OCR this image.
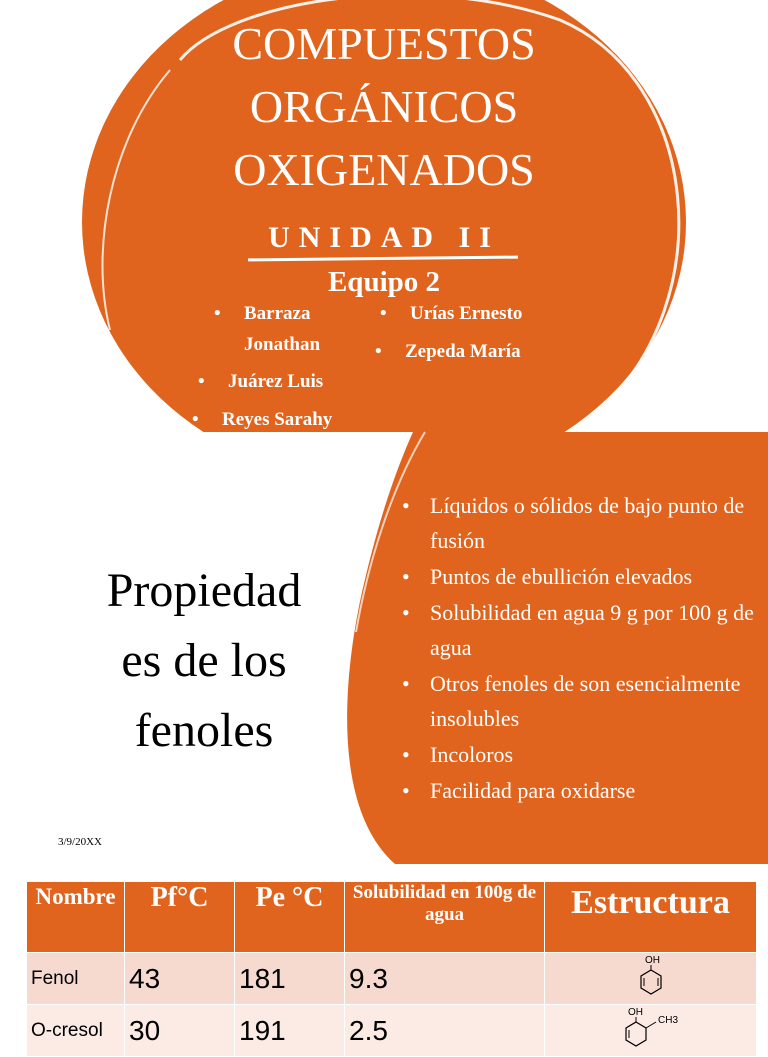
COMPUESTOS
ORGÁNICOS
OXIGENADOS
UNIDAD II
Equipo 2
• Barraza Jonathan
• Juárez Luis
• Reyes Sarahy
• Urías Ernesto
• Zepeda María
Propiedad
es de los
fenoles
3/9/20XX
• Líquidos o sólidos de bajo punto de fusión
• Puntos de ebullición elevados
• Solubilidad en agua 9 g por 100 g de agua
• Otros fenoles de son esencialmente insolubles
• Incoloros
• Facilidad para oxidarse
Nombre	Pf°C	Pe °C	Solubilidad en 100g de agua	Estructura
Fenol	43	181	9.3	OH

O-cresol	30	191	2.5	OH
CH3
